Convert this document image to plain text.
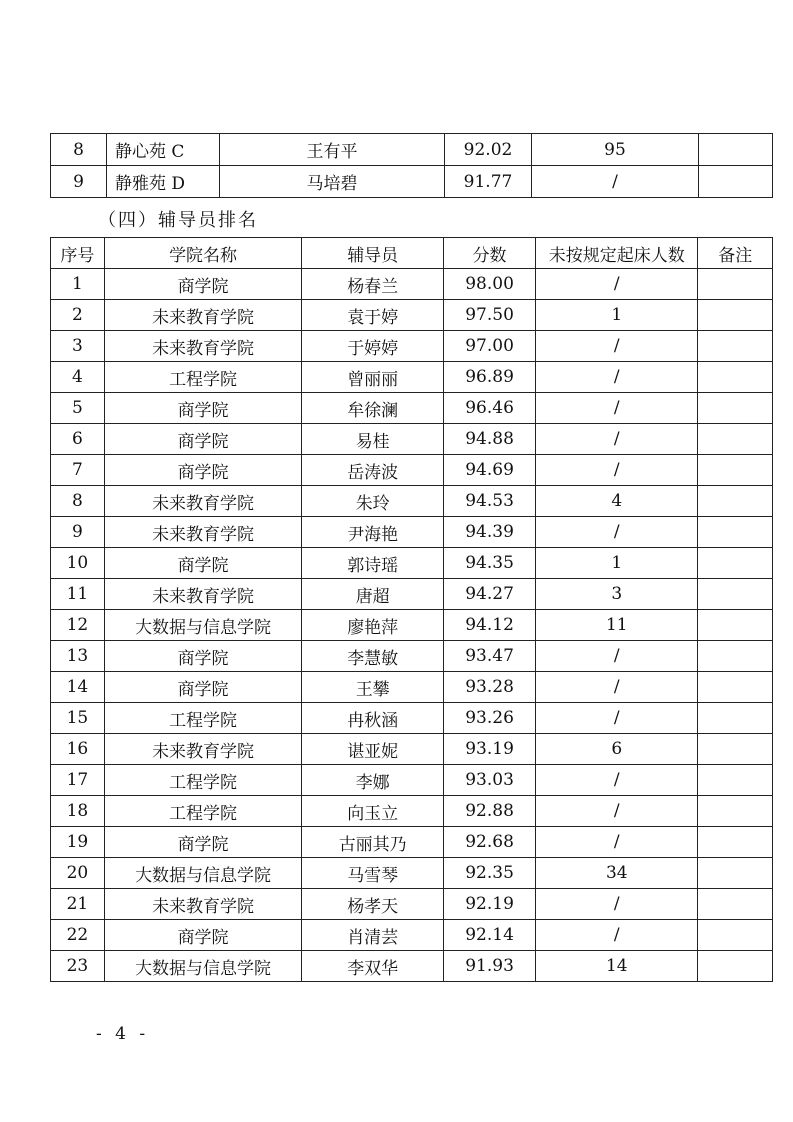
8	静心苑 C	王有平	92.02	95	
9	静雅苑 D	马培碧	91.77	/	
（四）辅导员排名
序号	学院名称	辅导员	分数	未按规定起床人数	备注
1	商学院	杨春兰	98.00	/	
2	未来教育学院	袁于婷	97.50	1	
3	未来教育学院	于婷婷	97.00	/	
4	工程学院	曾丽丽	96.89	/	
5	商学院	牟徐澜	96.46	/	
6	商学院	易桂	94.88	/	
7	商学院	岳涛波	94.69	/	
8	未来教育学院	朱玲	94.53	4	
9	未来教育学院	尹海艳	94.39	/	
10	商学院	郭诗瑶	94.35	1	
11	未来教育学院	唐超	94.27	3	
12	大数据与信息学院	廖艳萍	94.12	11	
13	商学院	李慧敏	93.47	/	
14	商学院	王攀	93.28	/	
15	工程学院	冉秋涵	93.26	/	
16	未来教育学院	谌亚妮	93.19	6	
17	工程学院	李娜	93.03	/	
18	工程学院	向玉立	92.88	/	
19	商学院	古丽其乃	92.68	/	
20	大数据与信息学院	马雪琴	92.35	34	
21	未来教育学院	杨孝天	92.19	/	
22	商学院	肖清芸	92.14	/	
23	大数据与信息学院	李双华	91.93	14	
- 4 -
